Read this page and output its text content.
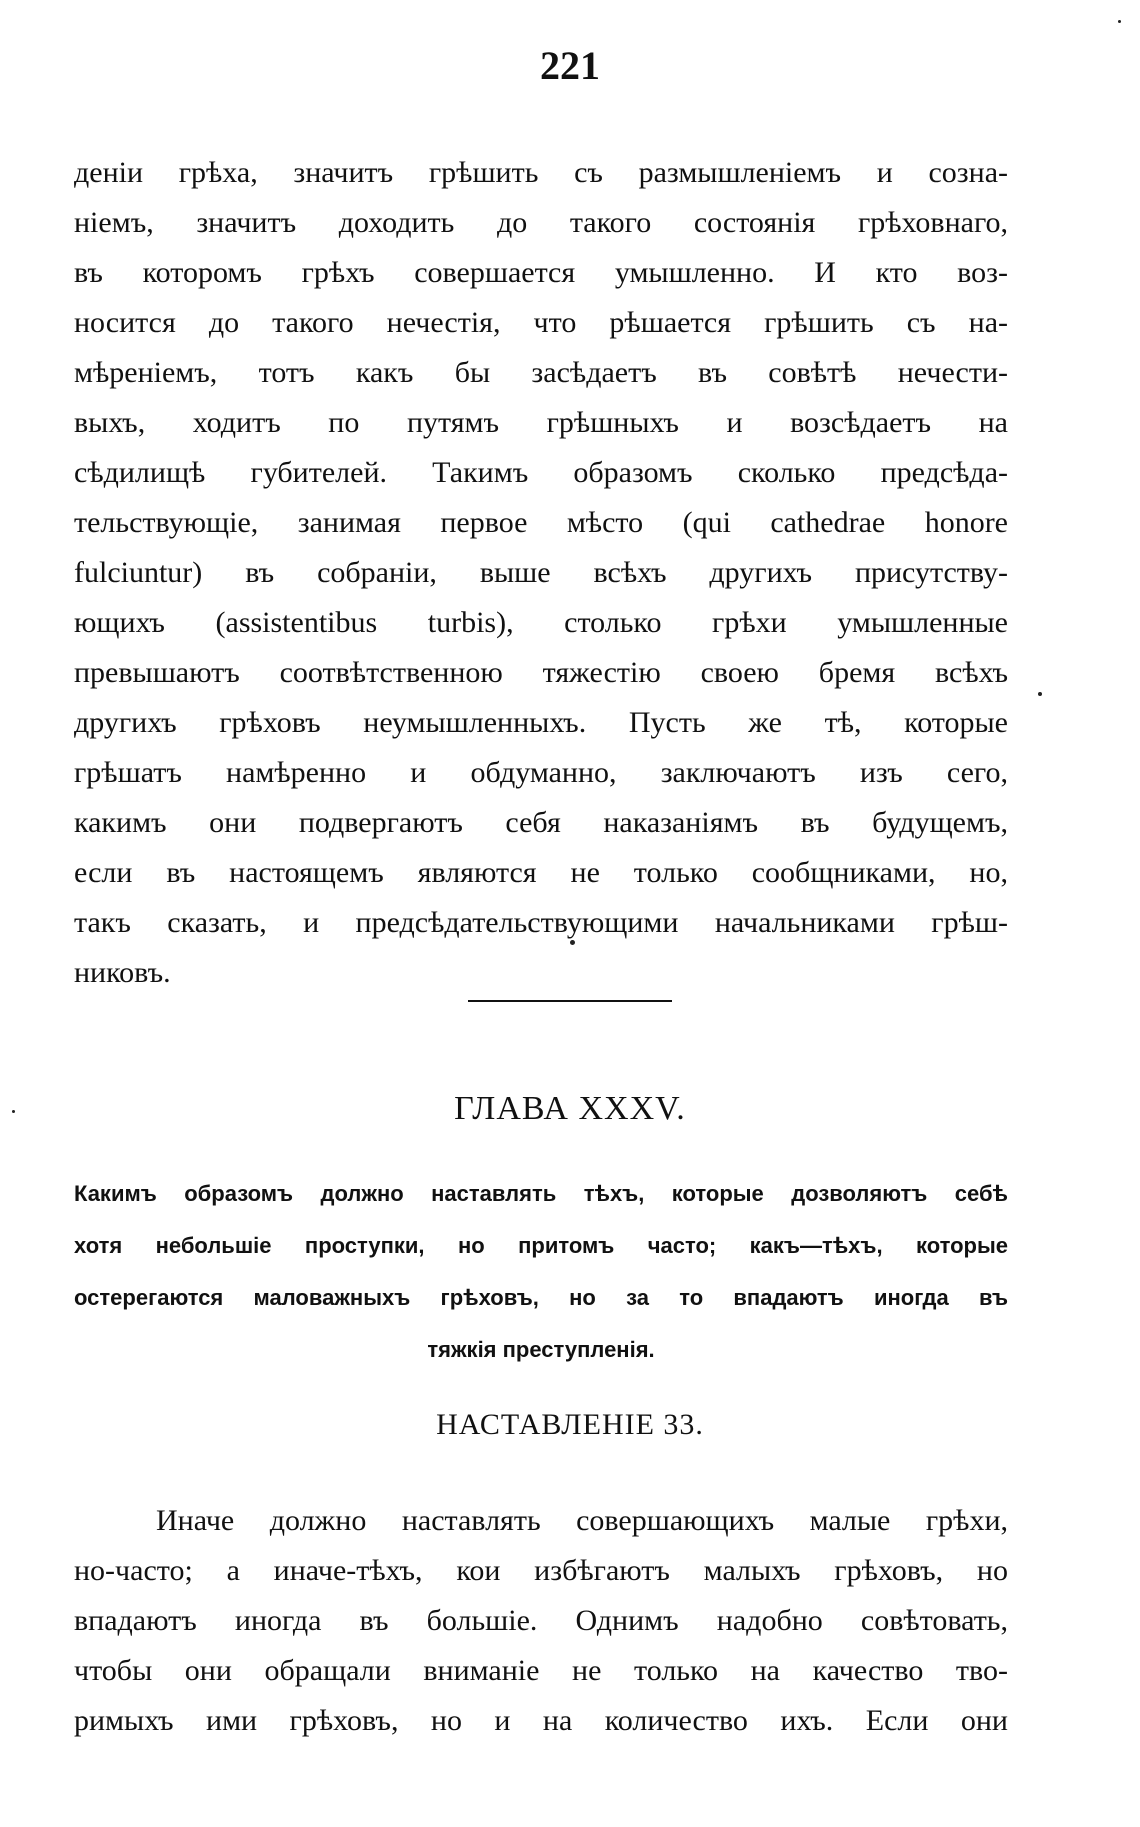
221
деніи грѣха, значитъ грѣшить съ размышленіемъ и созна-
ніемъ, значитъ доходить до такого состоянія грѣховнаго,
въ которомъ грѣхъ совершается умышленно. И кто воз-
носится до такого нечестія, что рѣшается грѣшить съ на-
мѣреніемъ, тотъ какъ бы засѣдаетъ въ совѣтѣ нечести-
выхъ, ходитъ по путямъ грѣшныхъ и возсѣдаетъ на
сѣдилищѣ губителей. Такимъ образомъ сколько предсѣда-
тельствующіе, занимая первое мѣсто (qui cathedrae honore
fulciuntur) въ собраніи, выше всѣхъ другихъ присутству-
ющихъ (assistentibus turbis), столько грѣхи умышленные
превышаютъ соотвѣтственною тяжестію своею бремя всѣхъ
другихъ грѣховъ неумышленныхъ. Пусть же тѣ, которые
грѣшатъ намѣренно и обдуманно, заключаютъ изъ сего,
какимъ они подвергаютъ себя наказаніямъ въ будущемъ,
если въ настоящемъ являются не только сообщниками, но,
такъ сказать, и предсѣдательствующими начальниками грѣш-
никовъ.
ГЛАВА XXXV.
Какимъ образомъ должно наставлять тѣхъ, которые дозволяютъ себѣ
хотя небольшіе проступки, но притомъ часто; какъ—тѣхъ, которые
остерегаются маловажныхъ грѣховъ, но за то впадаютъ иногда въ
тяжкія преступленія.
НАСТАВЛЕНІЕ 33.
Иначе должно наставлять совершающихъ малые грѣхи,
но-часто; а иначе-тѣхъ, кои избѣгаютъ малыхъ грѣховъ, но
впадаютъ иногда въ большіе. Однимъ надобно совѣтовать,
чтобы они обращали вниманіе не только на качество тво-
римыхъ ими грѣховъ, но и на количество ихъ. Если они
